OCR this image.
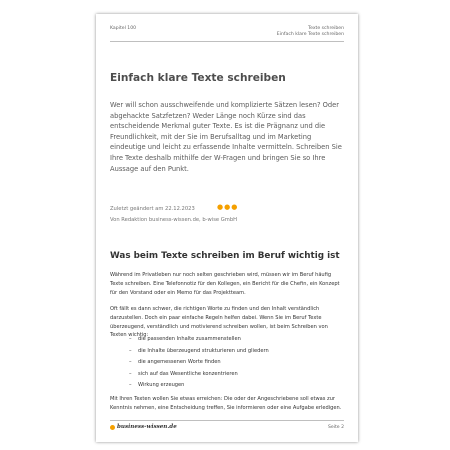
Kapitel 100	Texte schreiben
Einfach klare Texte schreiben
Einfach klare Texte schreiben

Wer will schon ausschweifende und komplizierte Sätzen lesen? Oder abgehackte Satzfetzen? Weder Länge noch Kürze sind das entscheidende Merkmal guter Texte. Es ist die Prägnanz und die Freundlichkeit, mit der Sie im Berufsalltag und im Marketing eindeutige und leicht zu erfassende Inhalte vermitteln. Schreiben Sie Ihre Texte deshalb mithilfe der W-Fragen und bringen Sie so Ihre Aussage auf den Punkt.

Zuletzt geändert am 22.12.2023
Von Redaktion business-wissen.de, b-wise GmbH
●●●
Was beim Texte schreiben im Beruf wichtig ist

Während im Privatleben nur noch selten geschrieben wird, müssen wir im Beruf häufig Texte schreiben. Eine Telefonnotiz für den Kollegen, ein Bericht für die Chefin, ein Konzept für den Vorstand oder ein Memo für das Projektteam.

Oft fällt es dann schwer, die richtigen Worte zu finden und den Inhalt verständlich darzustellen. Doch ein paar einfache Regeln helfen dabei. Wenn Sie im Beruf Texte überzeugend, verständlich und motivierend schreiben wollen, ist beim Schreiben von Texten wichtig:

– die passenden Inhalte zusammenstellen
– die Inhalte überzeugend strukturieren und gliedern
– die angemessenen Worte finden
– sich auf das Wesentliche konzentrieren
– Wirkung erzeugen

Mit Ihren Texten wollen Sie etwas erreichen: Die oder der Angeschriebene soll etwas zur Kenntnis nehmen, eine Entscheidung treffen, Sie informieren oder eine Aufgabe erledigen.

business-wissen.de	Seite 2
